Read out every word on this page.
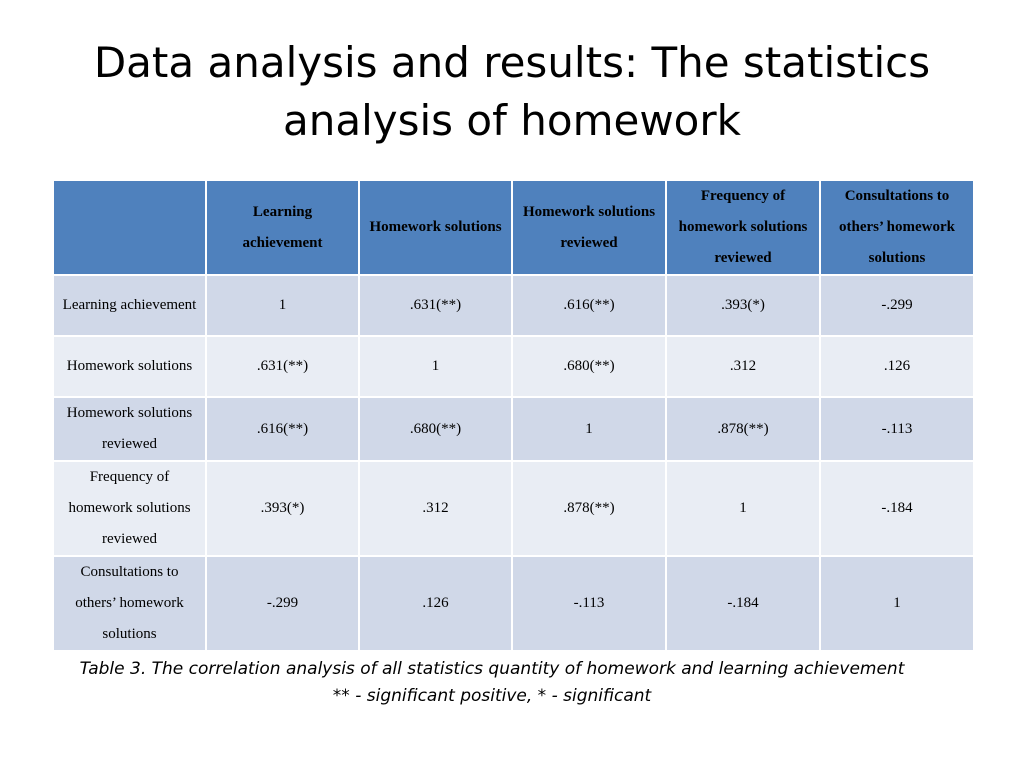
Data analysis and results: The statistics
analysis of homework
	Learning achievement	Homework solutions	Homework solutions reviewed	Frequency of homework solutions reviewed	Consultations to others’ homework solutions
Learning achievement	1	.631(**)	.616(**)	.393(*)	-.299
Homework solutions	.631(**)	1	.680(**)	.312	.126
Homework solutions reviewed	.616(**)	.680(**)	1	.878(**)	-.113
Frequency of homework solutions reviewed	.393(*)	.312	.878(**)	1	-.184
Consultations to others’ homework solutions	-.299	.126	-.113	-.184	1
Table 3. The correlation analysis of all statistics quantity of homework and learning achievement
** - significant positive, * - significant
